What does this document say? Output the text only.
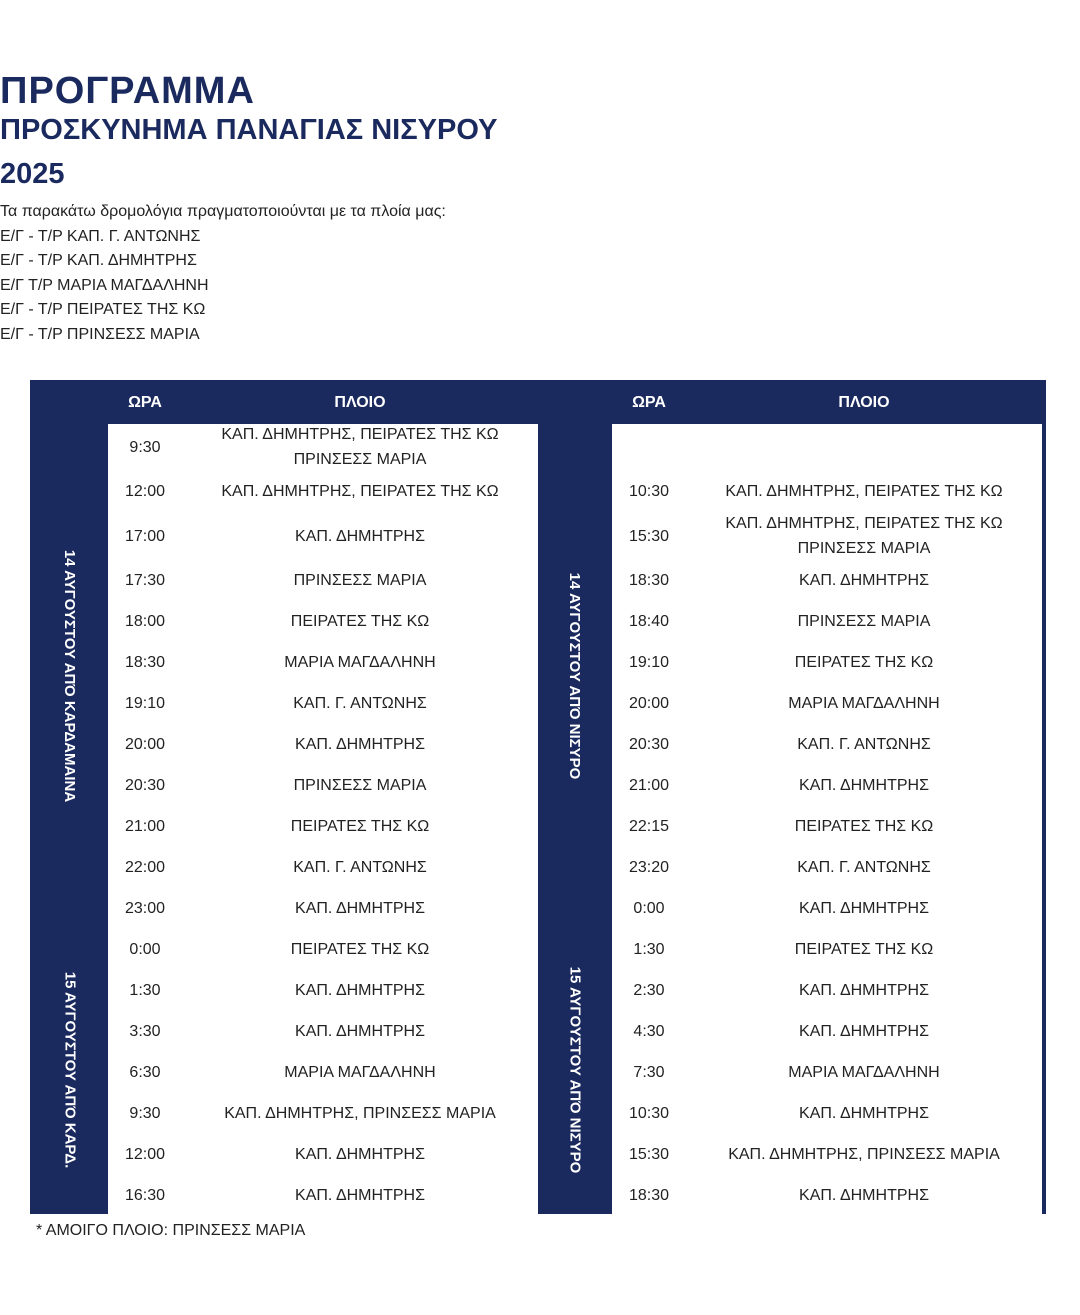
ΠΡΟΓΡΑΜΜΑ
ΠΡΟΣΚΥΝΗΜΑ ΠΑΝΑΓΙΑΣ ΝΙΣΥΡΟΥ
2025
Τα παρακάτω δρομολόγια πραγματοποιούνται με τα πλοία μας:
Ε/Γ - Τ/Ρ ΚΑΠ. Γ. ΑΝΤΩΝΗΣ
Ε/Γ - Τ/Ρ ΚΑΠ. ΔΗΜΗΤΡΗΣ
Ε/Γ Τ/Ρ ΜΑΡΙΑ ΜΑΓΔΑΛΗΝΗ
Ε/Γ - Τ/Ρ ΠΕΙΡΑΤΕΣ ΤΗΣ ΚΩ
Ε/Γ - Τ/Ρ ΠΡΙΝΣΕΣΣ ΜΑΡΙΑ
ΩΡΑ	ΠΛΟΙΟ	ΩΡΑ	ΠΛΟΙΟ
9:30
ΚΑΠ. ΔΗΜΗΤΡΗΣ, ΠΕΙΡΑΤΕΣ ΤΗΣ ΚΩ
ΠΡΙΝΣΕΣΣ ΜΑΡΙΑ
12:00	ΚΑΠ. ΔΗΜΗΤΡΗΣ, ΠΕΙΡΑΤΕΣ ΤΗΣ ΚΩ
17:00	ΚΑΠ. ΔΗΜΗΤΡΗΣ
17:30	ΠΡΙΝΣΕΣΣ ΜΑΡΙΑ
18:00	ΠΕΙΡΑΤΕΣ ΤΗΣ ΚΩ
18:30	ΜΑΡΙΑ ΜΑΓΔΑΛΗΝΗ
19:10	ΚΑΠ. Γ. ΑΝΤΩΝΗΣ
20:00	ΚΑΠ. ΔΗΜΗΤΡΗΣ
20:30	ΠΡΙΝΣΕΣΣ ΜΑΡΙΑ
21:00	ΠΕΙΡΑΤΕΣ ΤΗΣ ΚΩ
22:00	ΚΑΠ. Γ. ΑΝΤΩΝΗΣ
23:00	ΚΑΠ. ΔΗΜΗΤΡΗΣ
0:00	ΠΕΙΡΑΤΕΣ ΤΗΣ ΚΩ
1:30	ΚΑΠ. ΔΗΜΗΤΡΗΣ
3:30	ΚΑΠ. ΔΗΜΗΤΡΗΣ
6:30	ΜΑΡΙΑ ΜΑΓΔΑΛΗΝΗ
9:30	ΚΑΠ. ΔΗΜΗΤΡΗΣ, ΠΡΙΝΣΕΣΣ ΜΑΡΙΑ
12:00	ΚΑΠ. ΔΗΜΗΤΡΗΣ
16:30	ΚΑΠ. ΔΗΜΗΤΡΗΣ
10:30	ΚΑΠ. ΔΗΜΗΤΡΗΣ, ΠΕΙΡΑΤΕΣ ΤΗΣ ΚΩ
15:30
ΚΑΠ. ΔΗΜΗΤΡΗΣ, ΠΕΙΡΑΤΕΣ ΤΗΣ ΚΩ
ΠΡΙΝΣΕΣΣ ΜΑΡΙΑ
18:30	ΚΑΠ. ΔΗΜΗΤΡΗΣ
18:40	ΠΡΙΝΣΕΣΣ ΜΑΡΙΑ
19:10	ΠΕΙΡΑΤΕΣ ΤΗΣ ΚΩ
20:00	ΜΑΡΙΑ ΜΑΓΔΑΛΗΝΗ
20:30	ΚΑΠ. Γ. ΑΝΤΩΝΗΣ
21:00	ΚΑΠ. ΔΗΜΗΤΡΗΣ
22:15	ΠΕΙΡΑΤΕΣ ΤΗΣ ΚΩ
23:20	ΚΑΠ. Γ. ΑΝΤΩΝΗΣ
0:00	ΚΑΠ. ΔΗΜΗΤΡΗΣ
1:30	ΠΕΙΡΑΤΕΣ ΤΗΣ ΚΩ
2:30	ΚΑΠ. ΔΗΜΗΤΡΗΣ
4:30	ΚΑΠ. ΔΗΜΗΤΡΗΣ
7:30	ΜΑΡΙΑ ΜΑΓΔΑΛΗΝΗ
10:30	ΚΑΠ. ΔΗΜΗΤΡΗΣ
15:30	ΚΑΠ. ΔΗΜΗΤΡΗΣ, ΠΡΙΝΣΕΣΣ ΜΑΡΙΑ
18:30	ΚΑΠ. ΔΗΜΗΤΡΗΣ
14 ΑΥΓΟΥΣΤΟΥ ΑΠΌ ΚΑΡΔΑΜΑΙΝΑ
15 ΑΥΓΟΥΣΤΟΥ ΑΠΌ ΚΑΡΔ.
14 ΑΥΓΟΥΣΤΟΥ ΑΠΌ ΝΙΣΥΡΟ
15 ΑΥΓΟΥΣΤΟΥ ΑΠΌ ΝΙΣΥΡΟ
* ΑΜΟΙΓΟ ΠΛΟΙΟ: ΠΡΙΝΣΕΣΣ ΜΑΡΙΑ
